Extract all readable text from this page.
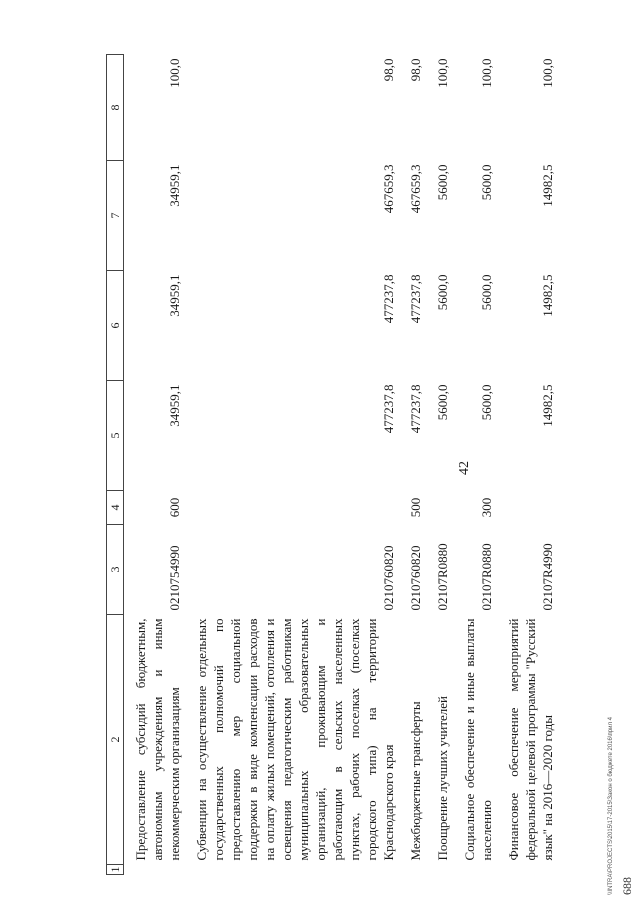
42
\\INTRA\PROJECTS\2015\17-2015\Закон о бюджете 2016\прил 4
1	2	3	4	5	6	7	8

	Предоставление субсидий бюджетным, автономным учреждениям и иным некоммерческим организациям	0210754990	600	34959,1	34959,1	34959,1	100,0

	Субвенции на осуществление отдельных государственных полномочий по предоставлению мер социальной поддержки в виде компенсации расходов на оплату жилых помещений, отопления и освещения педагогическим работникам муниципальных образовательных организаций, проживающим и работающим в сельских населенных пунктах, рабочих поселках (поселках городского типа) на территории Краснодарского края	0210760820		477237,8	477237,8	467659,3	98,0

	Межбюджетные трансферты	0210760820	500	477237,8	477237,8	467659,3	98,0

	Поощрение лучших учителей	02107R0880		5600,0	5600,0	5600,0	100,0

	Социальное обеспечение и иные выплаты населению	02107R0880	300	5600,0	5600,0	5600,0	100,0

	Финансовое обеспечение мероприятий федеральной целевой программы "Русский язык" на 2016—2020 годы	02107R4990		14982,5	14982,5	14982,5	100,0
688
